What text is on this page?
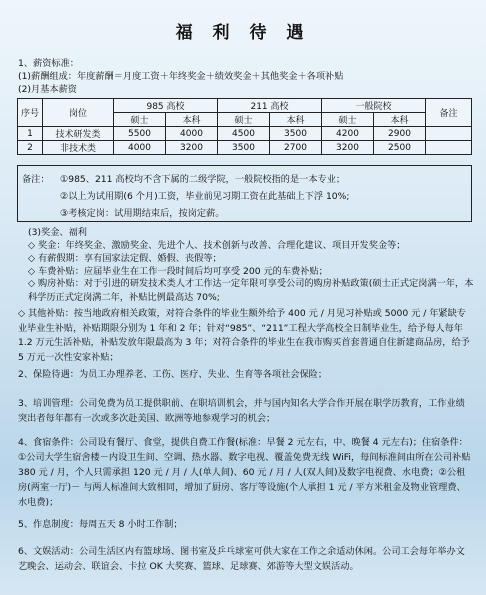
福 利 待 遇
1、薪资标准：
(1)薪酬组成：年度薪酬＝月度工资＋年终奖金＋绩效奖金＋其他奖金＋各项补贴
(2)月基本薪资
序号	岗位	985 高校		211 高校		一般院校		备注
		硕士	本科	硕士	本科	硕士	本科	
1	技术研发类	5500	4000	4500	3500	4200	2900	
2	非技术类	4000	3200	3500	2700	3200	2500	
备注： ①985、211 高校均不含下属的二级学院，一般院校指的是一本专业；
②以上为试用期(6 个月)工资，毕业前见习期工资在此基础上下浮 10%;
③考核定岗：试用期结束后，按岗定薪。
(3)奖金、福利
◇ 奖金：年终奖金、激励奖金、先进个人、技术创新与改善、合理化建议、项目开发奖金等；
◇ 有薪假期：享有国家法定假、婚假、丧假等；
◇ 车费补贴：应届毕业生在工作一段时间后均可享受 200 元的车费补贴；
◇ 购房补贴：对于引进的研发技术类人才工作达一定年限可享受公司的购房补贴政策(硕士正式定岗满一年，本科学历正式定岗满二年，补贴比例最高达 70%;
◇ 其他补贴：按当地政府相关政策，对符合条件的毕业生额外给予 400 元 / 月见习补贴或 5000 元 / 年紧缺专业毕业生补贴，补贴期限分别为 1 年和 2 年；针对“985”、“211”工程大学高校全日制毕业生，给予每人每年 1.2 万元生活补贴，补贴发放年限最高为 3 年；对符合条件的毕业生在我市购买首套普通自住新建商品房，给予 5 万元一次性安家补贴；
2、保险待遇：为员工办理养老、工伤、医疗、失业、生育等各项社会保险；
3、培训管理：公司免费为员工提供职前、在职培训机会，并与国内知名大学合作开展在职学历教育，工作业绩突出者每年都有一次或多次赴美国、欧洲等地参观学习的机会；
4、食宿条件：公司设有餐厅、食堂，提供自费工作餐(标准：早餐 2 元左右，中、晚餐 4 元左右)；住宿条件：①公司大学生宿舍楼－内设卫生间、空调、热水器、数字电视、覆盖免费无线 WiFi，每间标准间由所在公司补贴 380 元 / 月，个人只需承担 120 元 / 月 / 人(单人间)、60 元 / 月 / 人(双人间)及数字电视费、水电费；②公租房(两室一厅)－ 与两人标准间大致相同，增加了厨房、客厅等设施(个人承担 1 元 / 平方米租金及物业管理费、水电费)；
5、作息制度：每周五天 8 小时工作制；
6、文娱活动：公司生活区内有篮球场、图书室及乒乓球室可供大家在工作之余适动休闲。公司工会每年举办文艺晚会、运动会、联谊会、卡拉 OK 大奖赛、篮球、足球赛、郊游等大型文娱活动。
